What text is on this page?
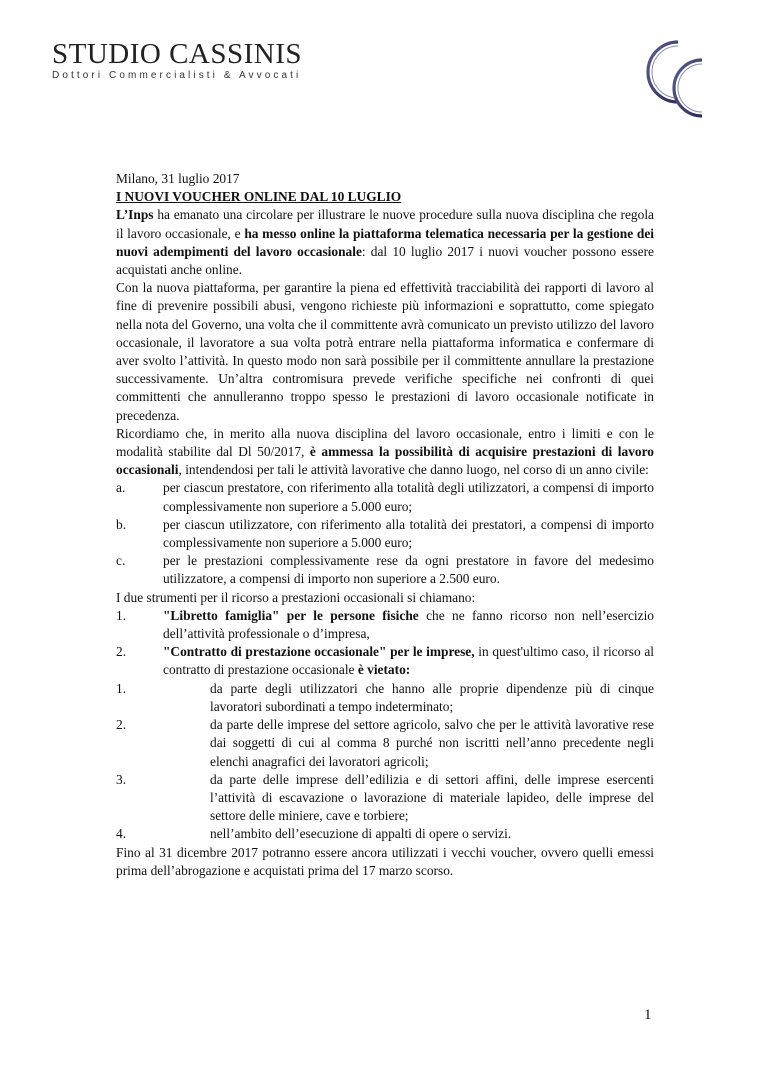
STUDIO CASSINIS
Dottori Commercialisti & Avvocati

Milano, 31 luglio 2017

I NUOVI VOUCHER ONLINE DAL 10 LUGLIO

L’Inps ha emanato una circolare per illustrare le nuove procedure sulla nuova disciplina che regola il lavoro occasionale, e ha messo online la piattaforma telematica necessaria per la gestione dei nuovi adempimenti del lavoro occasionale: dal 10 luglio 2017 i nuovi voucher possono essere acquistati anche online.

Con la nuova piattaforma, per garantire la piena ed effettività tracciabilità dei rapporti di lavoro al fine di prevenire possibili abusi, vengono richieste più informazioni e soprattutto, come spiegato nella nota del Governo, una volta che il committente avrà comunicato un previsto utilizzo del lavoro occasionale, il lavoratore a sua volta potrà entrare nella piattaforma informatica e confermare di aver svolto l’attività. In questo modo non sarà possibile per il committente annullare la prestazione successivamente. Un’altra contromisura prevede verifiche specifiche nei confronti di quei committenti che annulleranno troppo spesso le prestazioni di lavoro occasionale notificate in precedenza.

Ricordiamo che, in merito alla nuova disciplina del lavoro occasionale, entro i limiti e con le modalità stabilite dal Dl 50/2017, è ammessa la possibilità di acquisire prestazioni di lavoro occasionali, intendendosi per tali le attività lavorative che danno luogo, nel corso di un anno civile:

a.	per ciascun prestatore, con riferimento alla totalità degli utilizzatori, a compensi di importo complessivamente non superiore a 5.000 euro;
b.	per ciascun utilizzatore, con riferimento alla totalità dei prestatori, a compensi di importo complessivamente non superiore a 5.000 euro;
c.	per le prestazioni complessivamente rese da ogni prestatore in favore del medesimo utilizzatore, a compensi di importo non superiore a 2.500 euro.

I due strumenti per il ricorso a prestazioni occasionali si chiamano:

1.	"Libretto famiglia" per le persone fisiche che ne fanno ricorso non nell’esercizio dell’attività professionale o d’impresa,
2.	"Contratto di prestazione occasionale" per le imprese, in quest'ultimo caso, il ricorso al contratto di prestazione occasionale è vietato:
1.	da parte degli utilizzatori che hanno alle proprie dipendenze più di cinque lavoratori subordinati a tempo indeterminato;
2.	da parte delle imprese del settore agricolo, salvo che per le attività lavorative rese dai soggetti di cui al comma 8 purché non iscritti nell’anno precedente negli elenchi anagrafici dei lavoratori agricoli;
3.	da parte delle imprese dell’edilizia e di settori affini, delle imprese esercenti l’attività di escavazione o lavorazione di materiale lapideo, delle imprese del settore delle miniere, cave e torbiere;
4.	nell’ambito dell’esecuzione di appalti di opere o servizi.

Fino al 31 dicembre 2017 potranno essere ancora utilizzati i vecchi voucher, ovvero quelli emessi prima dell’abrogazione e acquistati prima del 17 marzo scorso.

1
